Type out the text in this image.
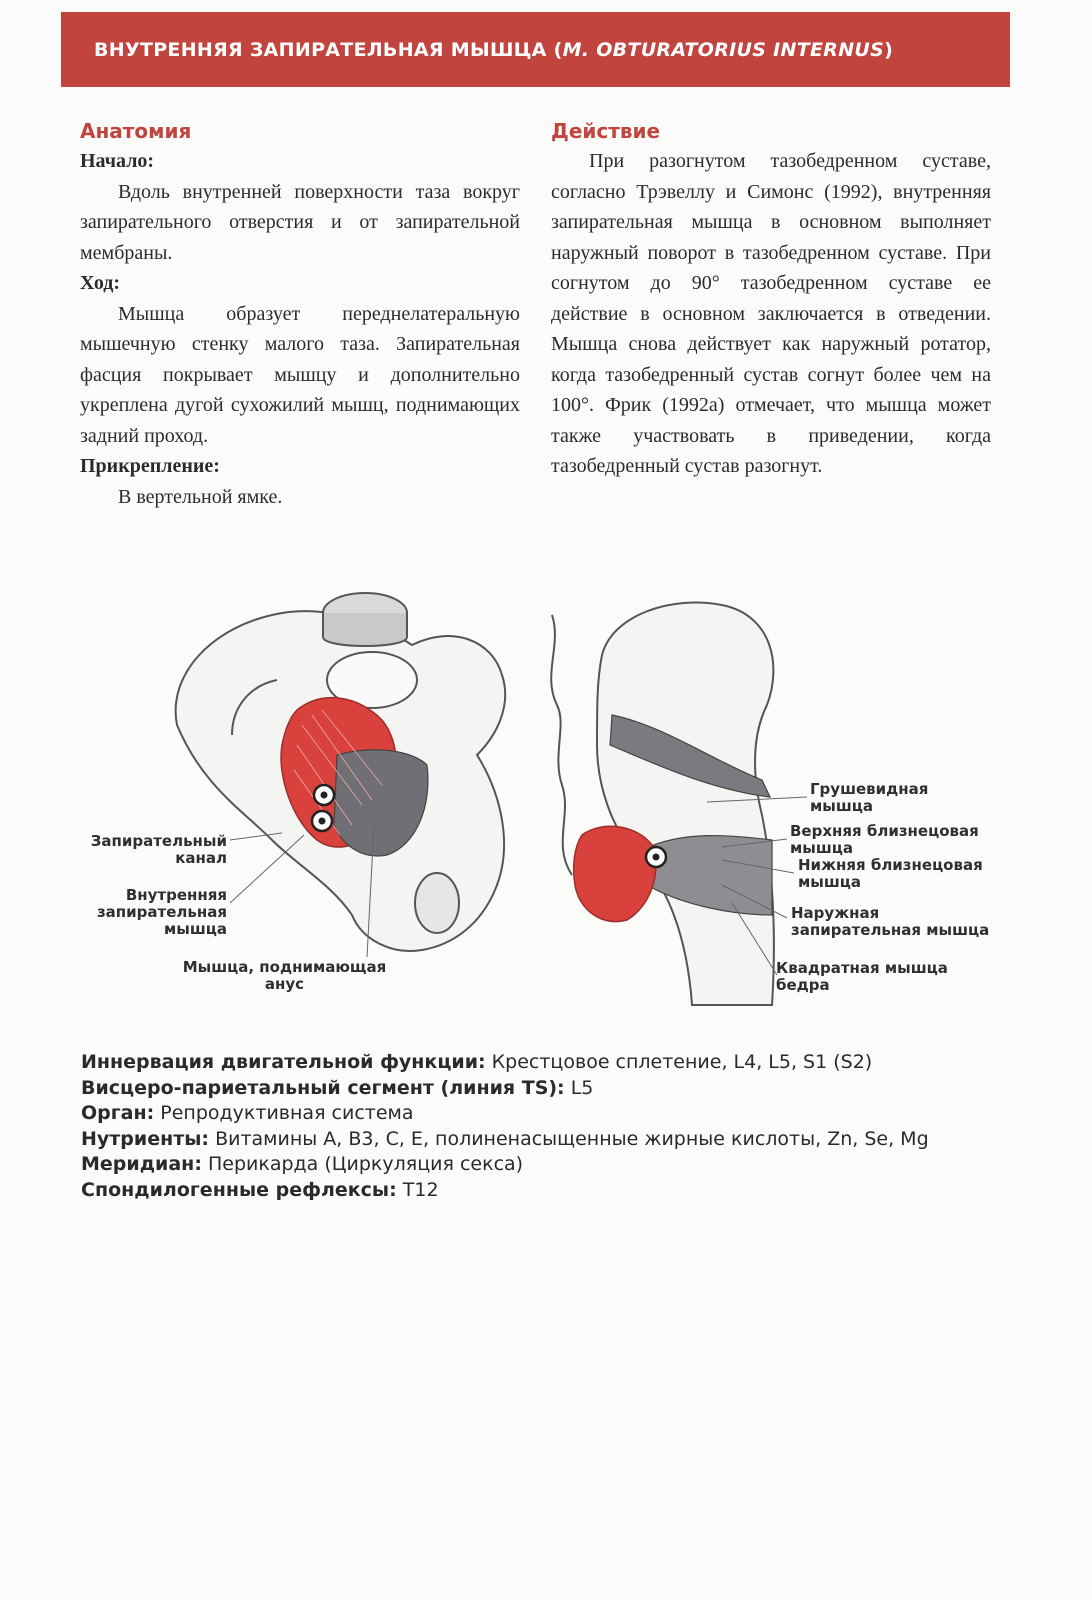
ВНУТРЕННЯЯ ЗАПИРАТЕЛЬНАЯ МЫШЦА ( M. OBTURATORIUS INTERNUS )

Анатомия

Начало:

Вдоль внутренней поверхности таза вокруг запирательного отверстия и от запирательной мембраны.

Ход:

Мышца образует переднелатеральную мышечную стенку малого таза. Запирательная фасция покрывает мышцу и дополнительно укреплена дугой сухожилий мышц, поднимающих задний проход.

Прикрепление:

В вертельной ямке.

Действие

При разогнутом тазобедренном суставе, согласно Трэвеллу и Симонс (1992), внутренняя запирательная мышца в основном выполняет наружный поворот в тазобедренном суставе. При согнутом до 90° тазобедренном суставе ее действие в основном заключается в отведении. Мышца снова действует как наружный ротатор, когда тазобедренный сустав согнут более чем на 100°. Фрик (1992a) отмечает, что мышца может также участвовать в приведении, когда тазобедренный сустав разогнут.

Запирательный канал
Внутренняя запирательная мышца
Мышца, поднимающая анус
Грушевидная мышца
Верхняя близнецовая мышца
Нижняя близнецовая мышца
Наружная запирательная мышца
Квадратная мышца бедра
Иннервация двигательной функции: Крестцовое сплетение, L4, L5, S1 (S2)
Висцеро-париетальный сегмент (линия TS): L5
Орган: Репродуктивная система
Нутриенты: Витамины A, B3, C, E, полиненасыщенные жирные кислоты, Zn, Se, Mg
Меридиан: Перикарда (Циркуляция секса)
Спондилогенные рефлексы: T12
